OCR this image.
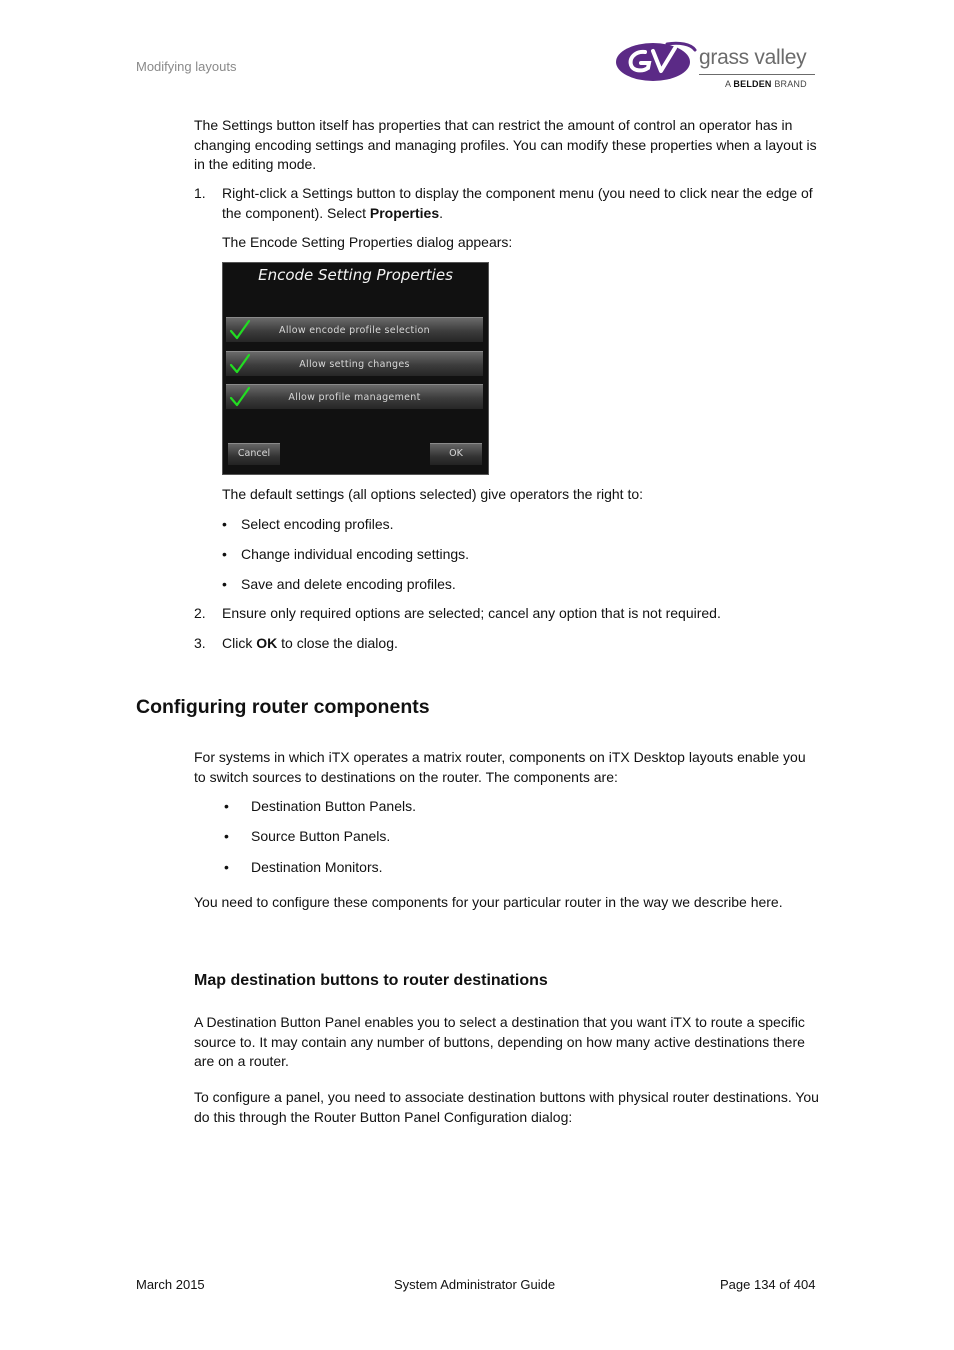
Modifying layouts	grass valley
A BELDEN BRAND

The Settings button itself has properties that can restrict the amount of control an operator has in changing encoding settings and managing profiles. You can modify these properties when a layout is in the editing mode.

1. Right-click a Settings button to display the component menu (you need to click near the edge of the component). Select Properties.

The Encode Setting Properties dialog appears:

Encode Setting Properties
Allow encode profile selection
Allow setting changes
Allow profile management
Cancel	OK

The default settings (all options selected) give operators the right to:

• Select encoding profiles.
• Change individual encoding settings.
• Save and delete encoding profiles.
2. Ensure only required options are selected; cancel any option that is not required.
3. Click OK to close the dialog.
Configuring router components

For systems in which iTX operates a matrix router, components on iTX Desktop layouts enable you to switch sources to destinations on the router. The components are:

• Destination Button Panels.
• Source Button Panels.
• Destination Monitors.

You need to configure these components for your particular router in the way we describe here.

Map destination buttons to router destinations

A Destination Button Panel enables you to select a destination that you want iTX to route a specific source to. It may contain any number of buttons, depending on how many active destinations there are on a router.

To configure a panel, you need to associate destination buttons with physical router destinations. You do this through the Router Button Panel Configuration dialog:

March 2015	System Administrator Guide	Page 134 of 404
